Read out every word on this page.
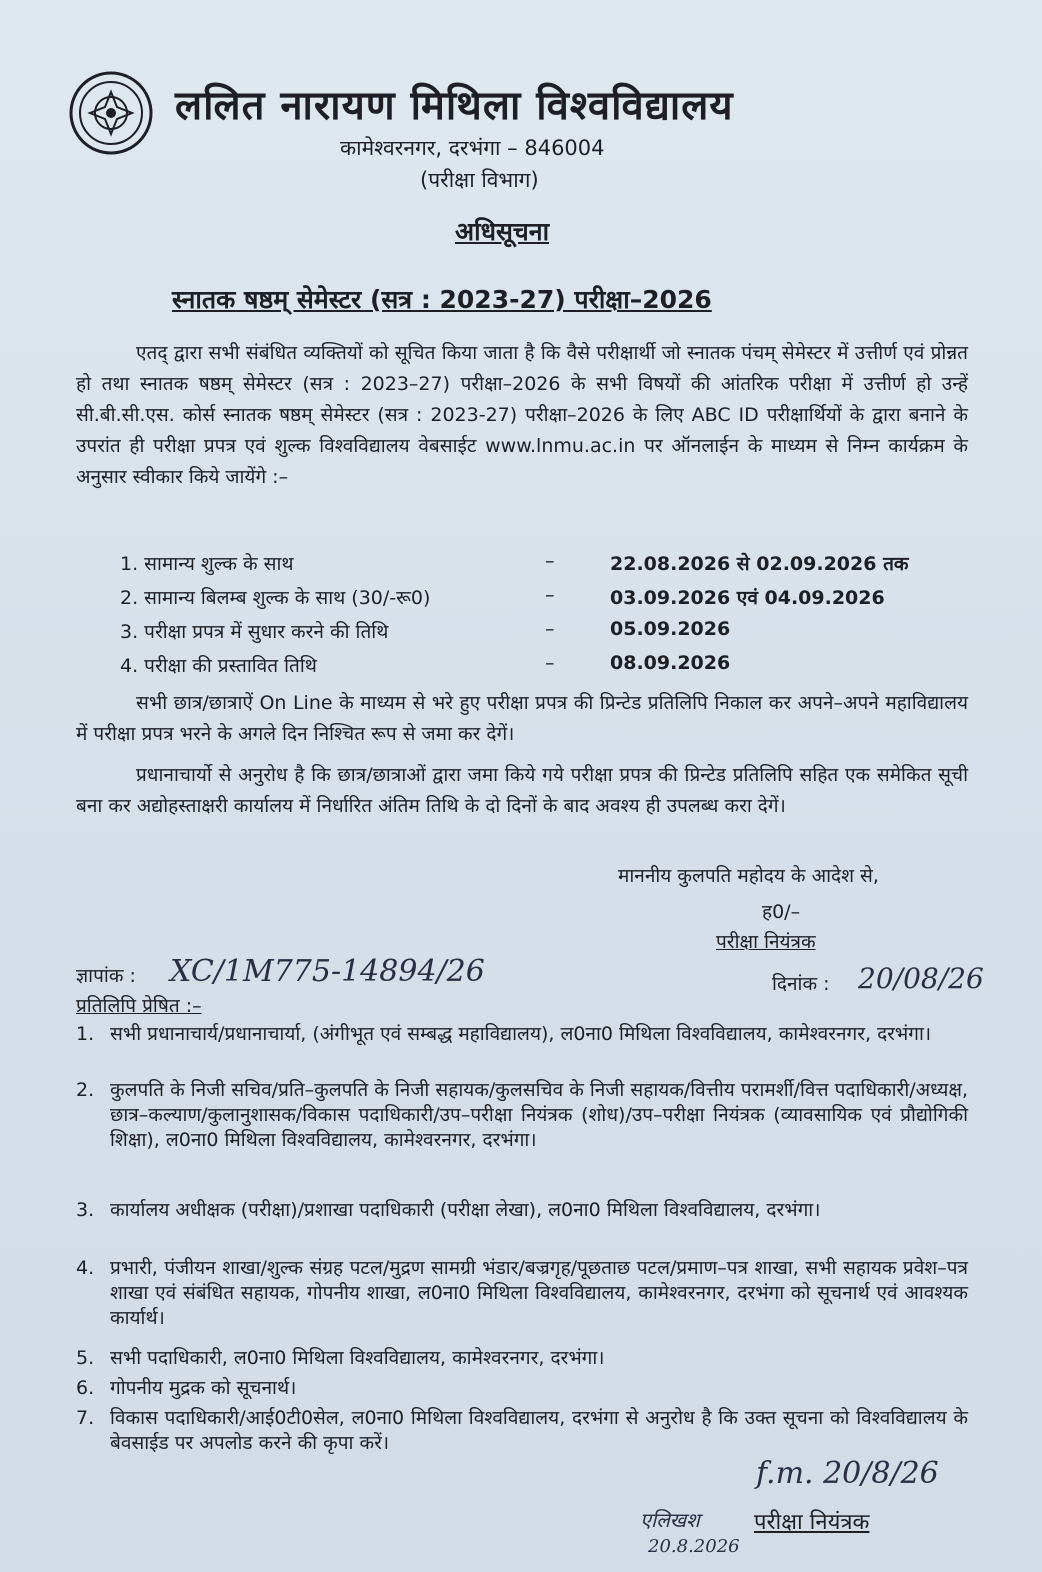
ललित नारायण मिथिला विश्वविद्यालय
कामेश्वरनगर, दरभंगा – 846004
(परीक्षा विभाग)
अधिसूचना
स्नातक षष्ठम् सेमेस्टर (सत्र : 2023-27) परीक्षा–2026

एतद् द्वारा सभी संबंधित व्यक्तियों को सूचित किया जाता है कि वैसे परीक्षार्थी जो स्नातक पंचम् सेमेस्टर में उत्तीर्ण एवं प्रोन्नत हो तथा स्नातक षष्ठम् सेमेस्टर (सत्र : 2023–27) परीक्षा–2026 के सभी विषयों की आंतरिक परीक्षा में उत्तीर्ण हो उन्हें सी.बी.सी.एस. कोर्स स्नातक षष्ठम् सेमेस्टर (सत्र : 2023-27) परीक्षा–2026 के लिए ABC ID परीक्षार्थियों के द्वारा बनाने के उपरांत ही परीक्षा प्रपत्र एवं शुल्क विश्वविद्यालय वेबसाईट www.lnmu.ac.in पर ऑनलाईन के माध्यम से निम्न कार्यक्रम के अनुसार स्वीकार किये जायेंगे :–

1. सामान्य शुल्क के साथ	–	22.08.2026 से 02.09.2026 तक
2. सामान्य बिलम्ब शुल्क के साथ (30/-रू0)	–	03.09.2026 एवं 04.09.2026
3. परीक्षा प्रपत्र में सुधार करने की तिथि	–	05.09.2026
4. परीक्षा की प्रस्तावित तिथि	–	08.09.2026

सभी छात्र/छात्राऐं On Line के माध्यम से भरे हुए परीक्षा प्रपत्र की प्रिन्टेड प्रतिलिपि निकाल कर अपने–अपने महाविद्यालय में परीक्षा प्रपत्र भरने के अगले दिन निश्चित रूप से जमा कर देगें।

प्रधानाचार्यो से अनुरोध है कि छात्र/छात्राओं द्वारा जमा किये गये परीक्षा प्रपत्र की प्रिन्टेड प्रतिलिपि सहित एक समेकित सूची बना कर अद्योहस्ताक्षरी कार्यालय में निर्धारित अंतिम तिथि के दो दिनों के बाद अवश्य ही उपलब्ध करा देगें।

माननीय कुलपति महोदय के आदेश से,
ह0/–
परीक्षा नियंत्रक
ज्ञापांक : XC/1M775-14894/26	दिनांक : 20/08/26
प्रतिलिपि प्रेषित :–
1. सभी प्रधानाचार्य/प्रधानाचार्या, (अंगीभूत एवं सम्बद्ध महाविद्यालय), ल0ना0 मिथिला विश्वविद्यालय, कामेश्वरनगर, दरभंगा।
2. कुलपति के निजी सचिव/प्रति–कुलपति के निजी सहायक/कुलसचिव के निजी सहायक/वित्तीय परामर्शी/वित्त पदाधिकारी/अध्यक्ष, छात्र–कल्याण/कुलानुशासक/विकास पदाधिकारी/उप–परीक्षा नियंत्रक (शोध)/उप–परीक्षा नियंत्रक (व्यावसायिक एवं प्रौद्योगिकी शिक्षा), ल0ना0 मिथिला विश्वविद्यालय, कामेश्वरनगर, दरभंगा।
3. कार्यालय अधीक्षक (परीक्षा)/प्रशाखा पदाधिकारी (परीक्षा लेखा), ल0ना0 मिथिला विश्वविद्यालय, दरभंगा।
4. प्रभारी, पंजीयन शाखा/शुल्क संग्रह पटल/मुद्रण सामग्री भंडार/बज्रगृह/पूछताछ पटल/प्रमाण–पत्र शाखा, सभी सहायक प्रवेश–पत्र शाखा एवं संबंधित सहायक, गोपनीय शाखा, ल0ना0 मिथिला विश्वविद्यालय, कामेश्वरनगर, दरभंगा को सूचनार्थ एवं आवश्यक कार्यार्थ।
5. सभी पदाधिकारी, ल0ना0 मिथिला विश्वविद्यालय, कामेश्वरनगर, दरभंगा।
6. गोपनीय मुद्रक को सूचनार्थ।
7. विकास पदाधिकारी/आई0टी0सेल, ल0ना0 मिथिला विश्वविद्यालय, दरभंगा से अनुरोध है कि उक्त सूचना को विश्वविद्यालय के बेवसाईड पर अपलोड करने की कृपा करें।
f.m. 20/8/26
एलिखश
20.8.2026
परीक्षा नियंत्रक
